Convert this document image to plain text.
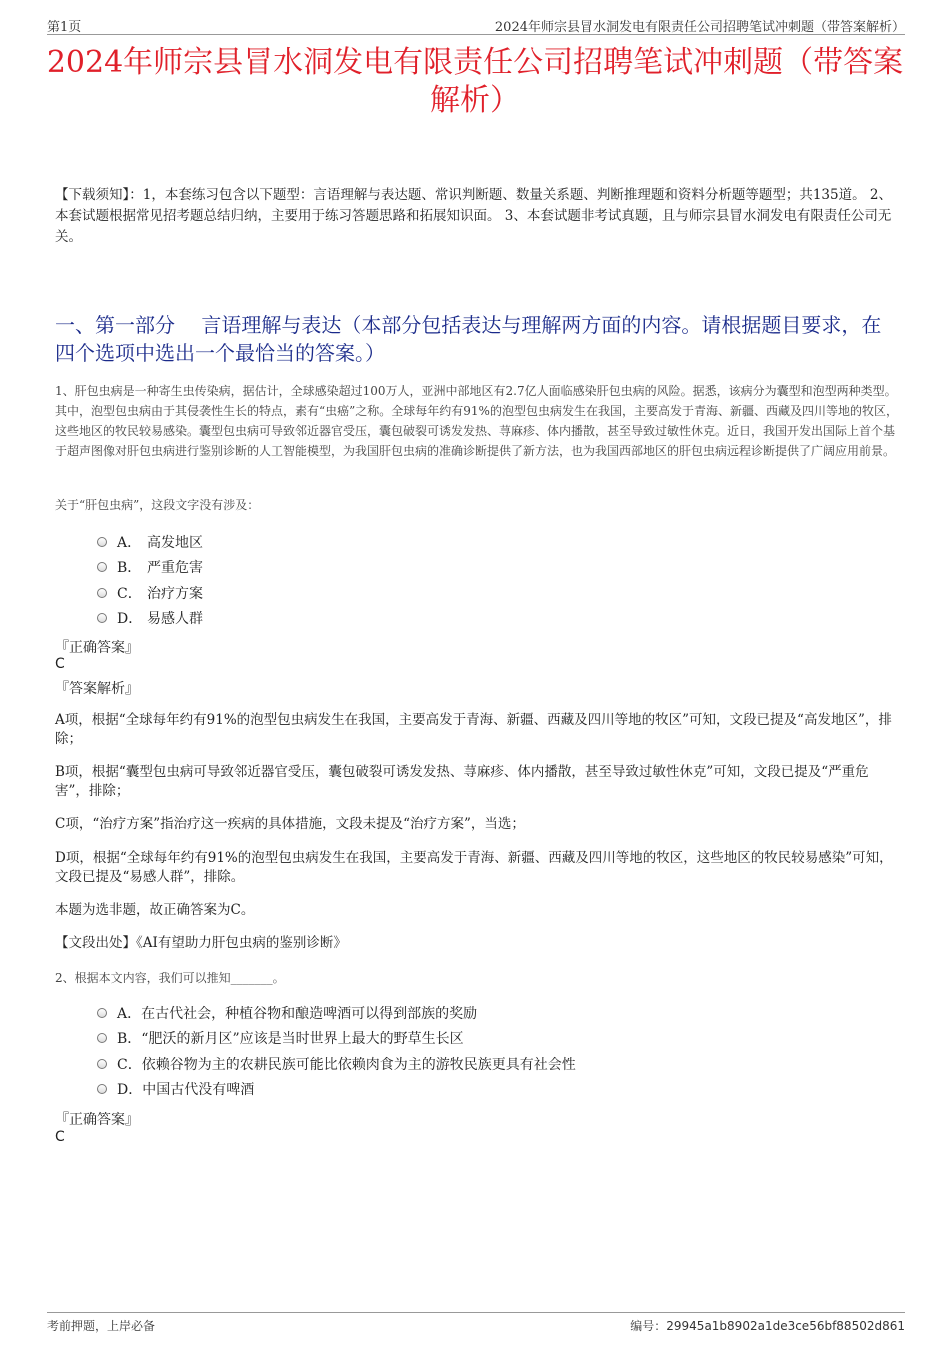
第1页	2024年师宗县冒水洞发电有限责任公司招聘笔试冲刺题（带答案解析）
2024年师宗县冒水洞发电有限责任公司招聘笔试冲刺题（带答案解析）
【下载须知】：1，本套练习包含以下题型：言语理解与表达题、常识判断题、数量关系题、判断推理题和资料分析题等题型；共135道。 2、本套试题根据常见招考题总结归纳，主要用于练习答题思路和拓展知识面。 3、本套试题非考试真题，且与师宗县冒水洞发电有限责任公司无关。
一、第一部分　 言语理解与表达（本部分包括表达与理解两方面的内容。请根据题目要求，在四个选项中选出一个最恰当的答案。）
1、肝包虫病是一种寄生虫传染病，据估计，全球感染超过100万人，亚洲中部地区有2.7亿人面临感染肝包虫病的风险。据悉，该病分为囊型和泡型两种类型。其中，泡型包虫病由于其侵袭性生长的特点，素有“虫癌”之称。全球每年约有91%的泡型包虫病发生在我国，主要高发于青海、新疆、西藏及四川等地的牧区，这些地区的牧民较易感染。囊型包虫病可导致邻近器官受压，囊包破裂可诱发发热、荨麻疹、体内播散，甚至导致过敏性休克。近日，我国开发出国际上首个基于超声图像对肝包虫病进行鉴别诊断的人工智能模型，为我国肝包虫病的准确诊断提供了新方法，也为我国西部地区的肝包虫病远程诊断提供了广阔应用前景。
关于“肝包虫病”，这段文字没有涉及：
A． 高发地区
B． 严重危害
C． 治疗方案
D． 易感人群
『正确答案』
C
『答案解析』
A项，根据“全球每年约有91%的泡型包虫病发生在我国，主要高发于青海、新疆、西藏及四川等地的牧区”可知，文段已提及“高发地区”，排除；
B项，根据“囊型包虫病可导致邻近器官受压，囊包破裂可诱发发热、荨麻疹、体内播散，甚至导致过敏性休克”可知，文段已提及“严重危害”，排除；
C项，“治疗方案”指治疗这一疾病的具体措施，文段未提及“治疗方案”，当选；
D项，根据“全球每年约有91%的泡型包虫病发生在我国，主要高发于青海、新疆、西藏及四川等地的牧区，这些地区的牧民较易感染”可知，文段已提及“易感人群”，排除。
本题为选非题，故正确答案为C。
【文段出处】《AI有望助力肝包虫病的鉴别诊断》
2、根据本文内容，我们可以推知_______。
A． 在古代社会，种植谷物和酿造啤酒可以得到部族的奖励
B． “肥沃的新月区”应该是当时世界上最大的野草生长区
C． 依赖谷物为主的农耕民族可能比依赖肉食为主的游牧民族更具有社会性
D． 中国古代没有啤酒
『正确答案』
C
考前押题，上岸必备	编号：29945a1b8902a1de3ce56bf88502d861
